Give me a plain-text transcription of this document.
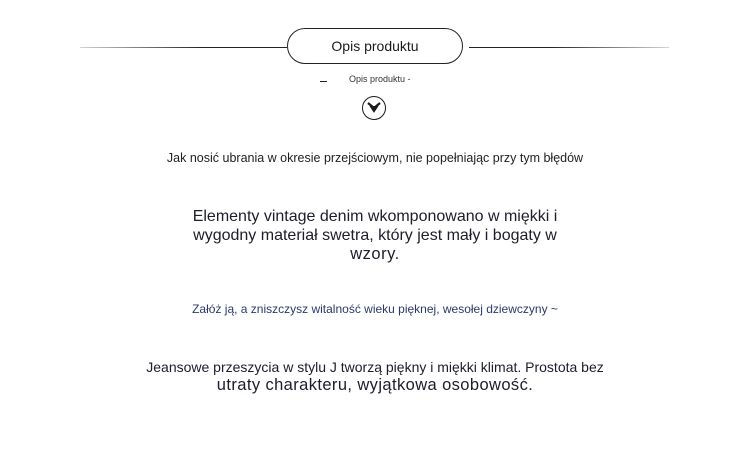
Opis produktu
Opis produktu -
Jak nosić ubrania w okresie przejściowym, nie popełniając przy tym błędów
Elementy vintage denim wkomponowano w miękki i
wygodny materiał swetra, który jest mały i bogaty w
wzory.
Załóż ją, a zniszczysz witalność wieku pięknej, wesołej dziewczyny ~
Jeansowe przeszycia w stylu J tworzą piękny i miękki klimat. Prostota bez
utraty charakteru, wyjątkowa osobowość.
